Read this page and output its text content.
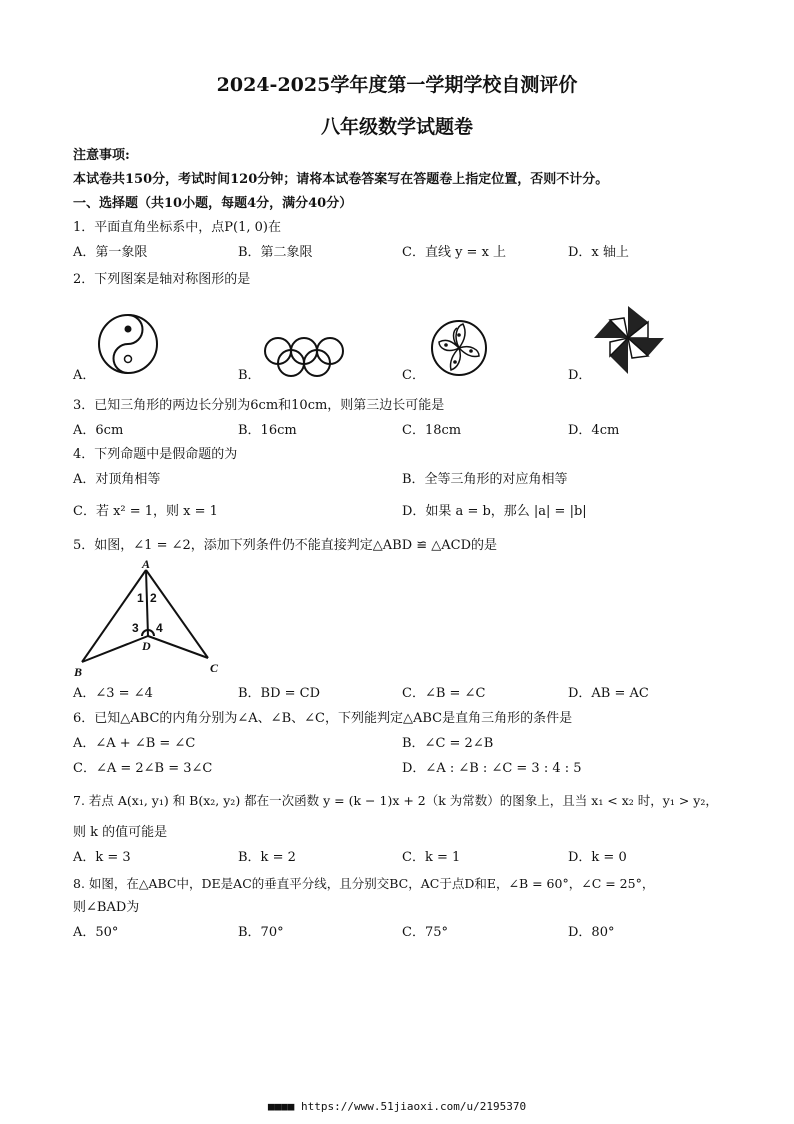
2024-2025学年度第一学期学校自测评价
八年级数学试题卷
注意事项:
本试卷共150分，考试时间120分钟；请将本试卷答案写在答题卷上指定位置，否则不计分。
一、选择题（共10小题，每题4分，满分40分）
1．平面直角坐标系中，点P(1, 0)在
A．第一象限	B．第二象限	C．直线 y = x 上	D．x 轴上
2．下列图案是轴对称图形的是
A．	B．	C．	D．
3．已知三角形的两边长分别为6cm和10cm，则第三边长可能是
A．6cm	B．16cm	C．18cm	D．4cm
4．下列命题中是假命题的为
A．对顶角相等	B．全等三角形的对应角相等
C．若 x² = 1，则 x = 1	D．如果 a = b，那么 |a| = |b|
5．如图，∠1 = ∠2，添加下列条件仍不能直接判定△ABD ≌ △ACD的是
A
B	C
D
1 2
3 4
A．∠3 = ∠4	B．BD = CD	C．∠B = ∠C	D．AB = AC
6．已知△ABC的内角分别为∠A、∠B、∠C，下列能判定△ABC是直角三角形的条件是
A．∠A + ∠B = ∠C	B．∠C = 2∠B
C．∠A = 2∠B = 3∠C	D．∠A : ∠B : ∠C = 3 : 4 : 5
7. 若点 A(x₁, y₁) 和 B(x₂, y₂) 都在一次函数 y = (k − 1)x + 2（k 为常数）的图象上，且当 x₁ < x₂ 时，y₁ > y₂，
则 k 的值可能是
A．k = 3	B．k = 2	C．k = 1	D．k = 0
8. 如图，在△ABC中，DE是AC的垂直平分线，且分别交BC，AC于点D和E，∠B = 60°，∠C = 25°，
则∠BAD为
A．50°	B．70°	C．75°	D．80°
■■■■ https://www.51jiaoxi.com/u/2195370
